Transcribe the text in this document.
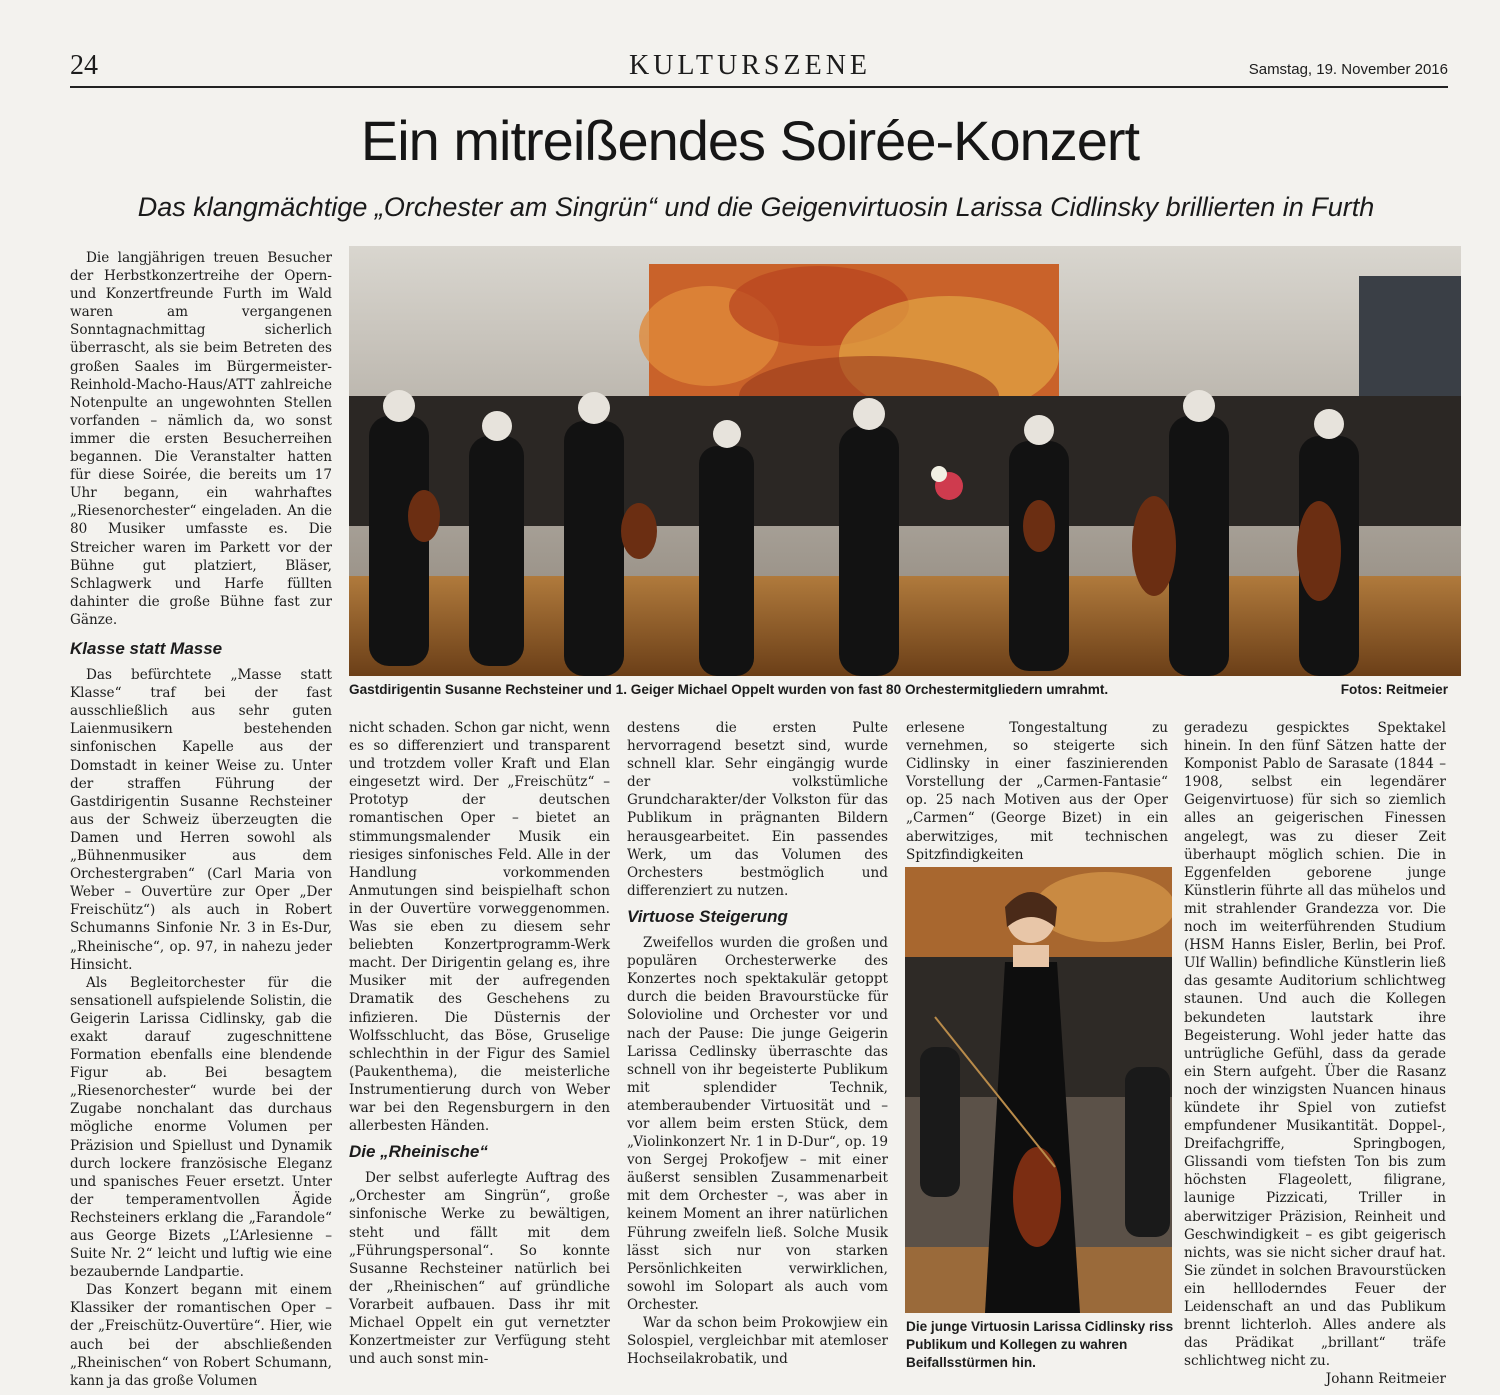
24	KULTURSZENE	Samstag, 19. November 2016
Ein mitreißendes Soirée-Konzert
Das klangmächtige „Orchester am Singrün“ und die Geigenvirtuosin Larissa Cidlinsky brillierten in Furth

Die langjährigen treuen Besucher der Herbstkonzertreihe der Opern- und Konzertfreunde Furth im Wald waren am vergangenen Sonntagnachmittag sicherlich überrascht, als sie beim Betreten des großen Saales im Bürgermeister-Reinhold-Macho-Haus/ATT zahlreiche Notenpulte an ungewohnten Stellen vorfanden – nämlich da, wo sonst immer die ersten Besucherreihen begannen. Die Veranstalter hatten für diese Soirée, die bereits um 17 Uhr begann, ein wahrhaftes „Riesenorchester“ eingeladen. An die 80 Musiker umfasste es. Die Streicher waren im Parkett vor der Bühne gut platziert, Bläser, Schlagwerk und Harfe füllten dahinter die große Bühne fast zur Gänze.

Klasse statt Masse

Das befürchtete „Masse statt Klasse“ traf bei der fast ausschließlich aus sehr guten Laienmusikern bestehenden sinfonischen Kapelle aus der Domstadt in keiner Weise zu. Unter der straffen Führung der Gastdirigentin Susanne Rechsteiner aus der Schweiz überzeugten die Damen und Herren sowohl als „Bühnenmusiker aus dem Orchestergraben“ (Carl Maria von Weber – Ouvertüre zur Oper „Der Freischütz“) als auch in Robert Schumanns Sinfonie Nr. 3 in Es-Dur, „Rheinische“, op. 97, in nahezu jeder Hinsicht.

Als Begleitorchester für die sensationell aufspielende Solistin, die Geigerin Larissa Cidlinsky, gab die exakt darauf zugeschnittene Formation ebenfalls eine blendende Figur ab. Bei besagtem „Riesenorchester“ wurde bei der Zugabe nonchalant das durchaus mögliche enorme Volumen per Präzision und Spiellust und Dynamik durch lockere französische Eleganz und spanisches Feuer ersetzt. Unter der temperamentvollen Ägide Rechsteiners erklang die „Farandole“ aus George Bizets „L’Arlesienne – Suite Nr. 2“ leicht und luftig wie eine bezaubernde Landpartie.

Das Konzert begann mit einem Klassiker der romantischen Oper – der „Freischütz-Ouvertüre“. Hier, wie auch bei der abschließenden „Rheinischen“ von Robert Schumann, kann ja das große Volumen

Gastdirigentin Susanne Rechsteiner und 1. Geiger Michael Oppelt wurden von fast 80 Orchestermitgliedern umrahmt.	Fotos: Reitmeier

nicht schaden. Schon gar nicht, wenn es so differenziert und transparent und trotzdem voller Kraft und Elan eingesetzt wird. Der „Freischütz“ – Prototyp der deutschen romantischen Oper – bietet an stimmungsmalender Musik ein riesiges sinfonisches Feld. Alle in der Handlung vorkommenden Anmutungen sind beispielhaft schon in der Ouvertüre vorweggenommen. Was sie eben zu diesem sehr beliebten Konzertprogramm-Werk macht. Der Dirigentin gelang es, ihre Musiker mit der aufregenden Dramatik des Geschehens zu infizieren. Die Düsternis der Wolfsschlucht, das Böse, Gruselige schlechthin in der Figur des Samiel (Paukenthema), die meisterliche Instrumentierung durch von Weber war bei den Regensburgern in den allerbesten Händen.

Die „Rheinische“

Der selbst auferlegte Auftrag des „Orchester am Singrün“, große sinfonische Werke zu bewältigen, steht und fällt mit dem „Führungspersonal“. So konnte Susanne Rechsteiner natürlich bei der „Rheinischen“ auf gründliche Vorarbeit aufbauen. Dass ihr mit Michael Oppelt ein gut vernetzter Konzertmeister zur Verfügung steht und auch sonst min-

destens die ersten Pulte hervorragend besetzt sind, wurde schnell klar. Sehr eingängig wurde der volkstümliche Grundcharakter/der Volkston für das Publikum in prägnanten Bildern herausgearbeitet. Ein passendes Werk, um das Volumen des Orchesters bestmöglich und differenziert zu nutzen.

Virtuose Steigerung

Zweifellos wurden die großen und populären Orchesterwerke des Konzertes noch spektakulär getoppt durch die beiden Bravourstücke für Solovioline und Orchester vor und nach der Pause: Die junge Geigerin Larissa Cedlinsky überraschte das schnell von ihr begeisterte Publikum mit splendider Technik, atemberaubender Virtuosität und – vor allem beim ersten Stück, dem „Violinkonzert Nr. 1 in D-Dur“, op. 19 von Sergej Prokofjew – mit einer äußerst sensiblen Zusammenarbeit mit dem Orchester –, was aber in keinem Moment an ihrer natürlichen Führung zweifeln ließ. Solche Musik lässt sich nur von starken Persönlichkeiten verwirklichen, sowohl im Solopart als auch vom Orchester.

War da schon beim Prokowjiew ein Solospiel, vergleichbar mit atemloser Hochseilakrobatik, und

erlesene Tongestaltung zu vernehmen, so steigerte sich Cidlinsky in einer faszinierenden Vorstellung der „Carmen-Fantasie“ op. 25 nach Motiven aus der Oper „Carmen“ (George Bizet) in ein aberwitziges, mit technischen Spitzfindigkeiten

Die junge Virtuosin Larissa Cidlinsky riss Publikum und Kollegen zu wahren Beifallsstürmen hin.

geradezu gespicktes Spektakel hinein. In den fünf Sätzen hatte der Komponist Pablo de Sarasate (1844 – 1908, selbst ein legendärer Geigenvirtuose) für sich so ziemlich alles an geigerischen Finessen angelegt, was zu dieser Zeit überhaupt möglich schien. Die in Eggenfelden geborene junge Künstlerin führte all das mühelos und mit strahlender Grandezza vor. Die noch im weiterführenden Studium (HSM Hanns Eisler, Berlin, bei Prof. Ulf Wallin) befindliche Künstlerin ließ das gesamte Auditorium schlichtweg staunen. Und auch die Kollegen bekundeten lautstark ihre Begeisterung. Wohl jeder hatte das untrügliche Gefühl, dass da gerade ein Stern aufgeht. Über die Rasanz noch der winzigsten Nuancen hinaus kündete ihr Spiel von zutiefst empfundener Musikantität. Doppel-, Dreifachgriffe, Springbogen, Glissandi vom tiefsten Ton bis zum höchsten Flageolett, filigrane, launige Pizzicati, Triller in aberwitziger Präzision, Reinheit und Geschwindigkeit – es gibt geigerisch nichts, was sie nicht sicher drauf hat. Sie zündet in solchen Bravourstücken ein hellloderndes Feuer der Leidenschaft an und das Publikum brennt lichterloh. Alles andere als das Prädikat „brillant“ träfe schlichtweg nicht zu.

Johann Reitmeier
